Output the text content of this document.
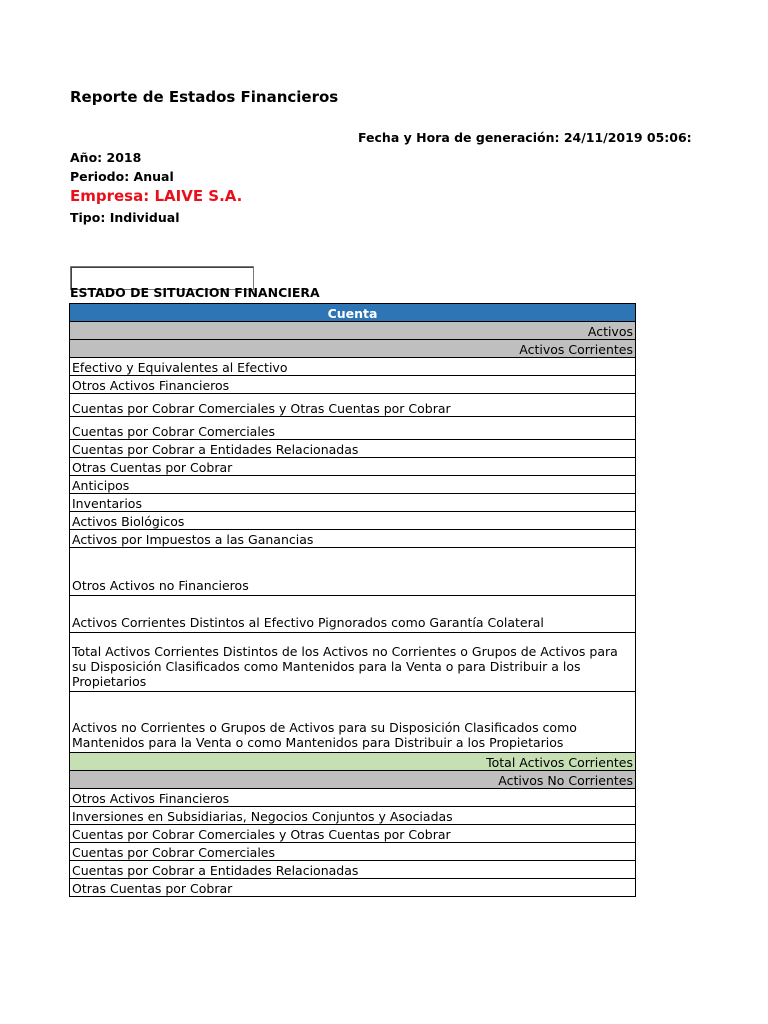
Reporte de Estados Financieros
Fecha y Hora de generación: 24/11/2019 05:06:
Año: 2018
Periodo: Anual
Empresa: LAIVE S.A.
Tipo: Individual
ESTADO DE SITUACION FINANCIERA
Cuenta
Activos
Activos Corrientes
Efectivo y Equivalentes al Efectivo
Otros Activos Financieros
Cuentas por Cobrar Comerciales y Otras Cuentas por Cobrar
Cuentas por Cobrar Comerciales
Cuentas por Cobrar a Entidades Relacionadas
Otras Cuentas por Cobrar
Anticipos
Inventarios
Activos Biológicos
Activos por Impuestos a las Ganancias
Otros Activos no Financieros
Activos Corrientes Distintos al Efectivo Pignorados como Garantía Colateral
Total Activos Corrientes Distintos de los Activos no Corrientes o Grupos de Activos para su Disposición Clasificados como Mantenidos para la Venta o para Distribuir a los Propietarios
Activos no Corrientes o Grupos de Activos para su Disposición Clasificados como Mantenidos para la Venta o como Mantenidos para Distribuir a los Propietarios
Total Activos Corrientes
Activos No Corrientes
Otros Activos Financieros
Inversiones en Subsidiarias, Negocios Conjuntos y Asociadas
Cuentas por Cobrar Comerciales y Otras Cuentas por Cobrar
Cuentas por Cobrar Comerciales
Cuentas por Cobrar a Entidades Relacionadas
Otras Cuentas por Cobrar
